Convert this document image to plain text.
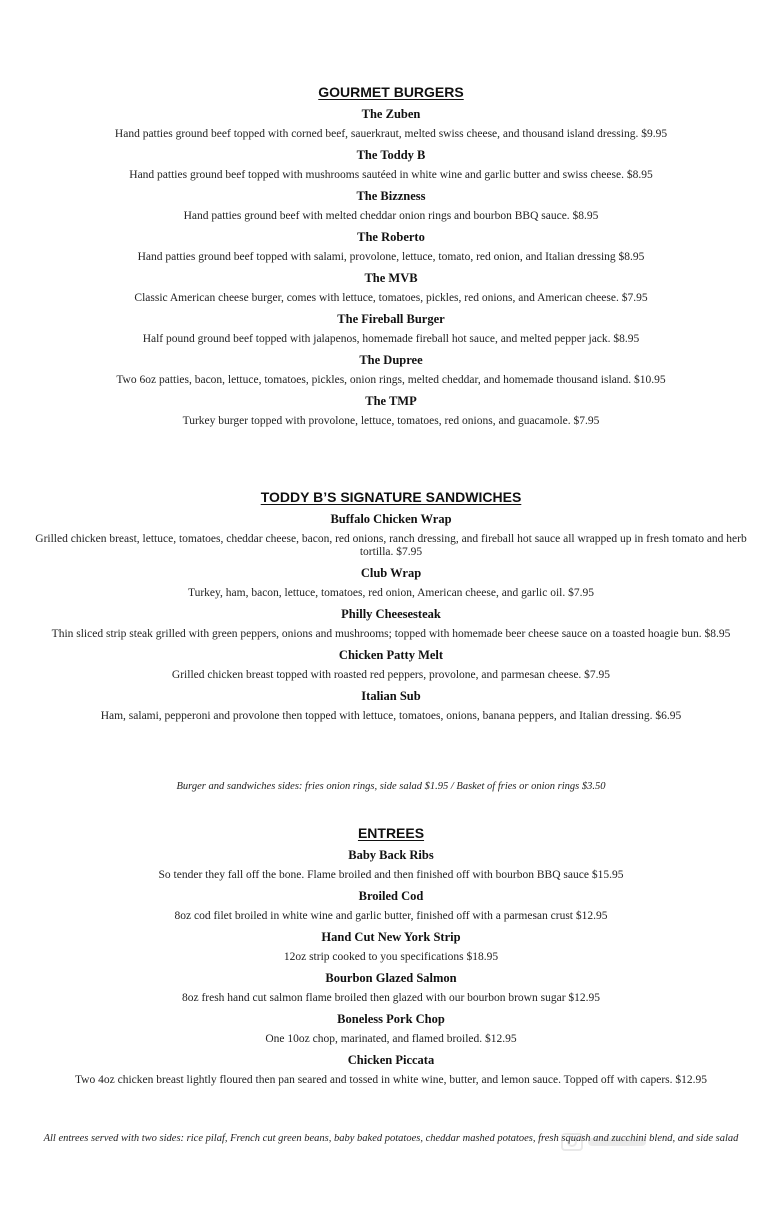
GOURMET BURGERS
The Zuben
Hand patties ground beef topped with corned beef, sauerkraut, melted swiss cheese, and thousand island dressing. $9.95
The Toddy B
Hand patties ground beef topped with mushrooms sautéed in white wine and garlic butter and swiss cheese. $8.95
The Bizzness
Hand patties ground beef with melted cheddar onion rings and bourbon BBQ sauce. $8.95
The Roberto
Hand patties ground beef topped with salami, provolone, lettuce, tomato, red onion, and Italian dressing $8.95
The MVB
Classic American cheese burger, comes with lettuce, tomatoes, pickles, red onions, and American cheese. $7.95
The Fireball Burger
Half pound ground beef topped with jalapenos, homemade fireball hot sauce, and melted pepper jack. $8.95
The Dupree
Two 6oz patties, bacon, lettuce, tomatoes, pickles, onion rings, melted cheddar, and homemade thousand island. $10.95
The TMP
Turkey burger topped with provolone, lettuce, tomatoes, red onions, and guacamole. $7.95
TODDY B’S SIGNATURE SANDWICHES
Buffalo Chicken Wrap
Grilled chicken breast, lettuce, tomatoes, cheddar cheese, bacon, red onions, ranch dressing, and fireball hot sauce all wrapped up in fresh tomato and herb tortilla. $7.95
Club Wrap
Turkey, ham, bacon, lettuce, tomatoes, red onion, American cheese, and garlic oil. $7.95
Philly Cheesesteak
Thin sliced strip steak grilled with green peppers, onions and mushrooms; topped with homemade beer cheese sauce on a toasted hoagie bun. $8.95
Chicken Patty Melt
Grilled chicken breast topped with roasted red peppers, provolone, and parmesan cheese. $7.95
Italian Sub
Ham, salami, pepperoni and provolone then topped with lettuce, tomatoes, onions, banana peppers, and Italian dressing. $6.95
Burger and sandwiches sides: fries onion rings, side salad $1.95 / Basket of fries or onion rings $3.50
ENTREES
Baby Back Ribs
So tender they fall off the bone. Flame broiled and then finished off with bourbon BBQ sauce $15.95
Broiled Cod
8oz cod filet broiled in white wine and garlic butter, finished off with a parmesan crust $12.95
Hand Cut New York Strip
12oz strip cooked to you specifications $18.95
Bourbon Glazed Salmon
8oz fresh hand cut salmon flame broiled then glazed with our bourbon brown sugar $12.95
Boneless Pork Chop
One 10oz chop, marinated, and flamed broiled. $12.95
Chicken Piccata
Two 4oz chicken breast lightly floured then pan seared and tossed in white wine, butter, and lemon sauce. Topped off with capers. $12.95
All entrees served with two sides: rice pilaf, French cut green beans, baby baked potatoes, cheddar mashed potatoes, fresh squash and zucchini blend, and side salad
